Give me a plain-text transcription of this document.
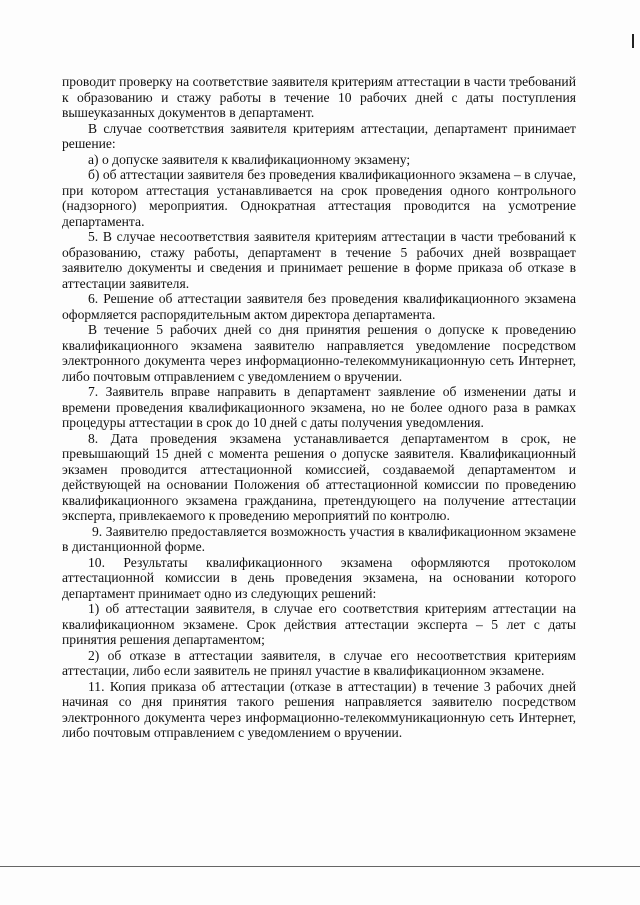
проводит проверку на соответствие заявителя критериям аттестации в части требований к образованию и стажу работы в течение 10 рабочих дней с даты поступления вышеуказанных документов в департамент.

В случае соответствия заявителя критериям аттестации, департамент принимает решение:

а) о допуске заявителя к квалификационному экзамену;

б) об аттестации заявителя без проведения квалификационного экзамена – в случае, при котором аттестация устанавливается на срок проведения одного контрольного (надзорного) мероприятия. Однократная аттестация проводится на усмотрение департамента.

5. В случае несоответствия заявителя критериям аттестации в части требований к образованию, стажу работы, департамент в течение 5 рабочих дней возвращает заявителю документы и сведения и принимает решение в форме приказа об отказе в аттестации заявителя.

6. Решение об аттестации заявителя без проведения квалификационного экзамена оформляется распорядительным актом директора департамента.

В течение 5 рабочих дней со дня принятия решения о допуске к проведению квалификационного экзамена заявителю направляется уведомление посредством электронного документа через информационно-телекоммуникационную сеть Интернет, либо почтовым отправлением с уведомлением о вручении.

7. Заявитель вправе направить в департамент заявление об изменении даты и времени проведения квалификационного экзамена, но не более одного раза в рамках процедуры аттестации в срок до 10 дней с даты получения уведомления.

8. Дата проведения экзамена устанавливается департаментом в срок, не превышающий 15 дней с момента решения о допуске заявителя. Квалификационный экзамен проводится аттестационной комиссией, создаваемой департаментом и действующей на основании Положения об аттестационной комиссии по проведению квалификационного экзамена гражданина, претендующего на получение аттестации эксперта, привлекаемого к проведению мероприятий по контролю.

9. Заявителю предоставляется возможность участия в квалификационном экзамене в дистанционной форме.

10. Результаты квалификационного экзамена оформляются протоколом аттестационной комиссии в день проведения экзамена, на основании которого департамент принимает одно из следующих решений:

1) об аттестации заявителя, в случае его соответствия критериям аттестации на квалификационном экзамене. Срок действия аттестации эксперта – 5 лет с даты принятия решения департаментом;

2) об отказе в аттестации заявителя, в случае его несоответствия критериям аттестации, либо если заявитель не принял участие в квалификационном экзамене.

11. Копия приказа об аттестации (отказе в аттестации) в течение 3 рабочих дней начиная со дня принятия такого решения направляется заявителю посредством электронного документа через информационно-телекоммуникационную сеть Интернет, либо почтовым отправлением с уведомлением о вручении.
